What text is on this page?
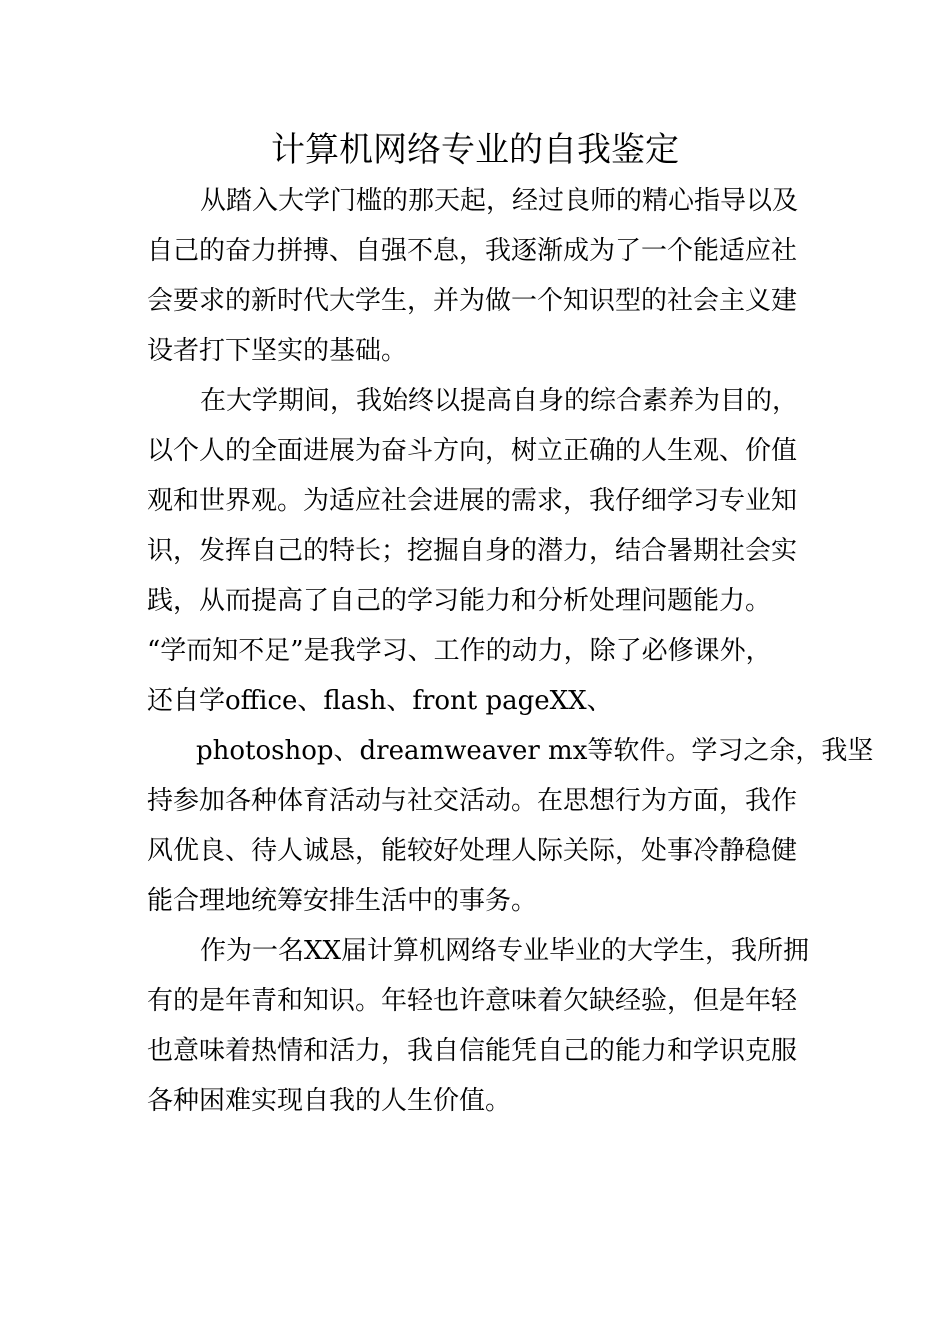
计算机网络专业的自我鉴定
从踏入大学门槛的那天起，经过良师的精心指导以及
自己的奋力拼搏、自强不息，我逐渐成为了一个能适应社
会要求的新时代大学生，并为做一个知识型的社会主义建
设者打下坚实的基础。
在大学期间，我始终以提高自身的综合素养为目的，
以个人的全面进展为奋斗方向，树立正确的人生观、价值
观和世界观。为适应社会进展的需求，我仔细学习专业知
识，发挥自己的特长；挖掘自身的潜力，结合暑期社会实
践，从而提高了自己的学习能力和分析处理问题能力。
“学而知不足”是我学习、工作的动力，除了必修课外，
还自学office、flash、front pageXX、
photoshop、dreamweaver mx等软件。学习之余，我坚
持参加各种体育活动与社交活动。在思想行为方面，我作
风优良、待人诚恳，能较好处理人际关际，处事冷静稳健
能合理地统筹安排生活中的事务。
作为一名XX届计算机网络专业毕业的大学生，我所拥
有的是年青和知识。年轻也许意味着欠缺经验，但是年轻
也意味着热情和活力，我自信能凭自己的能力和学识克服
各种困难实现自我的人生价值。
